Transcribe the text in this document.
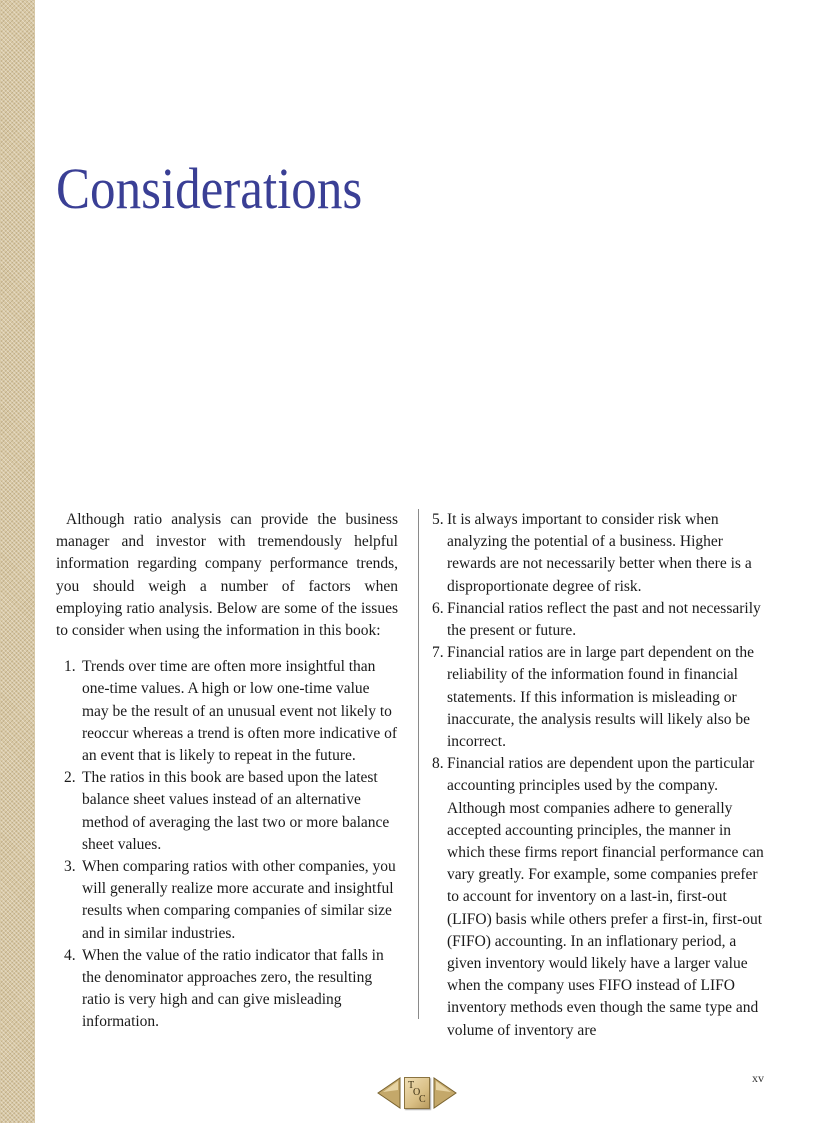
Considerations

Although ratio analysis can provide the business manager and investor with tremendously helpful information regarding company performance trends, you should weigh a number of factors when employing ratio analysis. Below are some of the issues to consider when using the information in this book:

1. Trends over time are often more insightful than one-time values. A high or low one-time value may be the result of an unusual event not likely to reoccur whereas a trend is often more indicative of an event that is likely to repeat in the future.
2. The ratios in this book are based upon the latest balance sheet values instead of an alternative method of averaging the last two or more balance sheet values.
3. When comparing ratios with other companies, you will generally realize more accurate and insightful results when comparing companies of similar size and in similar industries.
4. When the value of the ratio indicator that falls in the denominator approaches zero, the resulting ratio is very high and can give misleading information.
5. It is always important to consider risk when analyzing the potential of a business. Higher rewards are not necessarily better when there is a disproportionate degree of risk.
6. Financial ratios reflect the past and not necessarily the present or future.
7. Financial ratios are in large part dependent on the reliability of the information found in financial statements. If this information is misleading or inaccurate, the analysis results will likely also be incorrect.
8. Financial ratios are dependent upon the particular accounting principles used by the company. Although most companies adhere to generally accepted accounting principles, the manner in which these firms report financial performance can vary greatly. For example, some companies prefer to account for inventory on a last-in, first-out (LIFO) basis while others prefer a first-in, first-out (FIFO) accounting. In an inflationary period, a given inventory would likely have a larger value when the company uses FIFO instead of LIFO inventory methods even though the same type and volume of inventory are
xv
T
O
C
